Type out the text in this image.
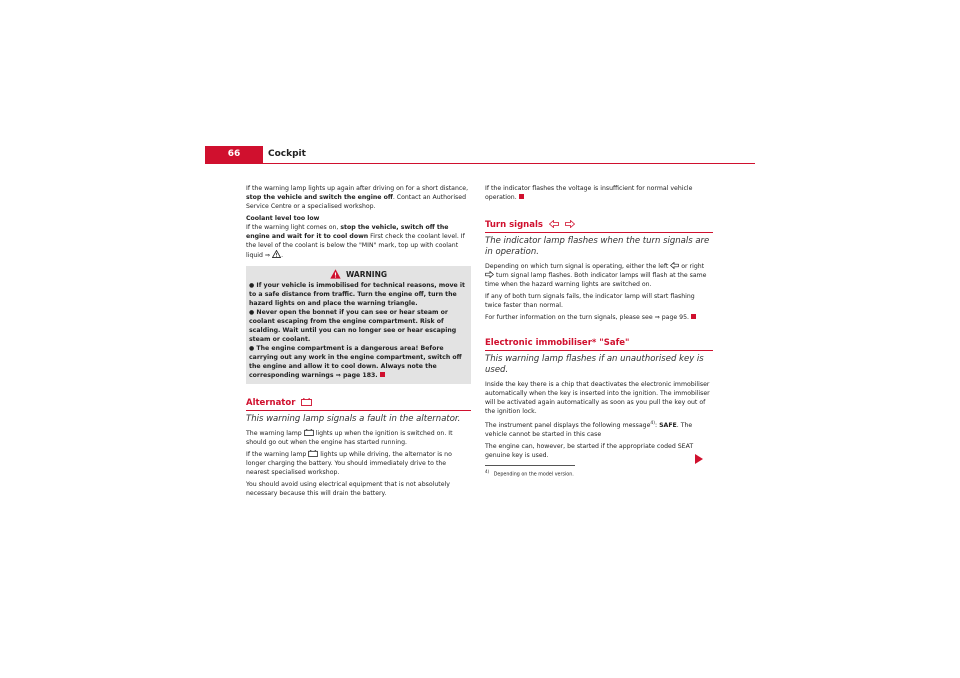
66	Cockpit

If the warning lamp lights up again after driving on for a short distance, stop the vehicle and switch the engine off. Contact an Authorised Service Centre or a specialised workshop.

Coolant level too low

If the warning light comes on, stop the vehicle, switch off the engine and wait for it to cool down First check the coolant level. If the level of the coolant is below the "MIN" mark, top up with coolant liquid ⇒ .

WARNING

● If your vehicle is immobilised for technical reasons, move it to a safe distance from traffic. Turn the engine off, turn the hazard lights on and place the warning triangle.

● Never open the bonnet if you can see or hear steam or coolant escaping from the engine compartment. Risk of scalding. Wait until you can no longer see or hear escaping steam or coolant.

● The engine compartment is a dangerous area! Before carrying out any work in the engine compartment, switch off the engine and allow it to cool down. Always note the corresponding warnings ⇒ page 183.

Alternator
This warning lamp signals a fault in the alternator.

The warning lamp lights up when the ignition is switched on. It should go out when the engine has started running.

If the warning lamp lights up while driving, the alternator is no longer charging the battery. You should immediately drive to the nearest specialised workshop.

You should avoid using electrical equipment that is not absolutely necessary because this will drain the battery.

If the indicator flashes the voltage is insufficient for normal vehicle operation.

Turn signals
The indicator lamp flashes when the turn signals are in operation.

Depending on which turn signal is operating, either the left or right  turn signal lamp flashes. Both indicator lamps will flash at the same time when the hazard warning lights are switched on.

If any of both turn signals fails, the indicator lamp will start flashing twice faster than normal.

For further information on the turn signals, please see ⇒ page 95.

Electronic immobiliser* "Safe"
This warning lamp flashes if an unauthorised key is used.

Inside the key there is a chip that deactivates the electronic immobiliser automatically when the key is inserted into the ignition. The immobiliser will be activated again automatically as soon as you pull the key out of the ignition lock.

The instrument panel displays the following message$^{4)}$: SAFE. The vehicle cannot be started in this case

The engine can, however, be started if the appropriate coded SEAT genuine key is used.

$^{4)}$   Depending on the model version.
